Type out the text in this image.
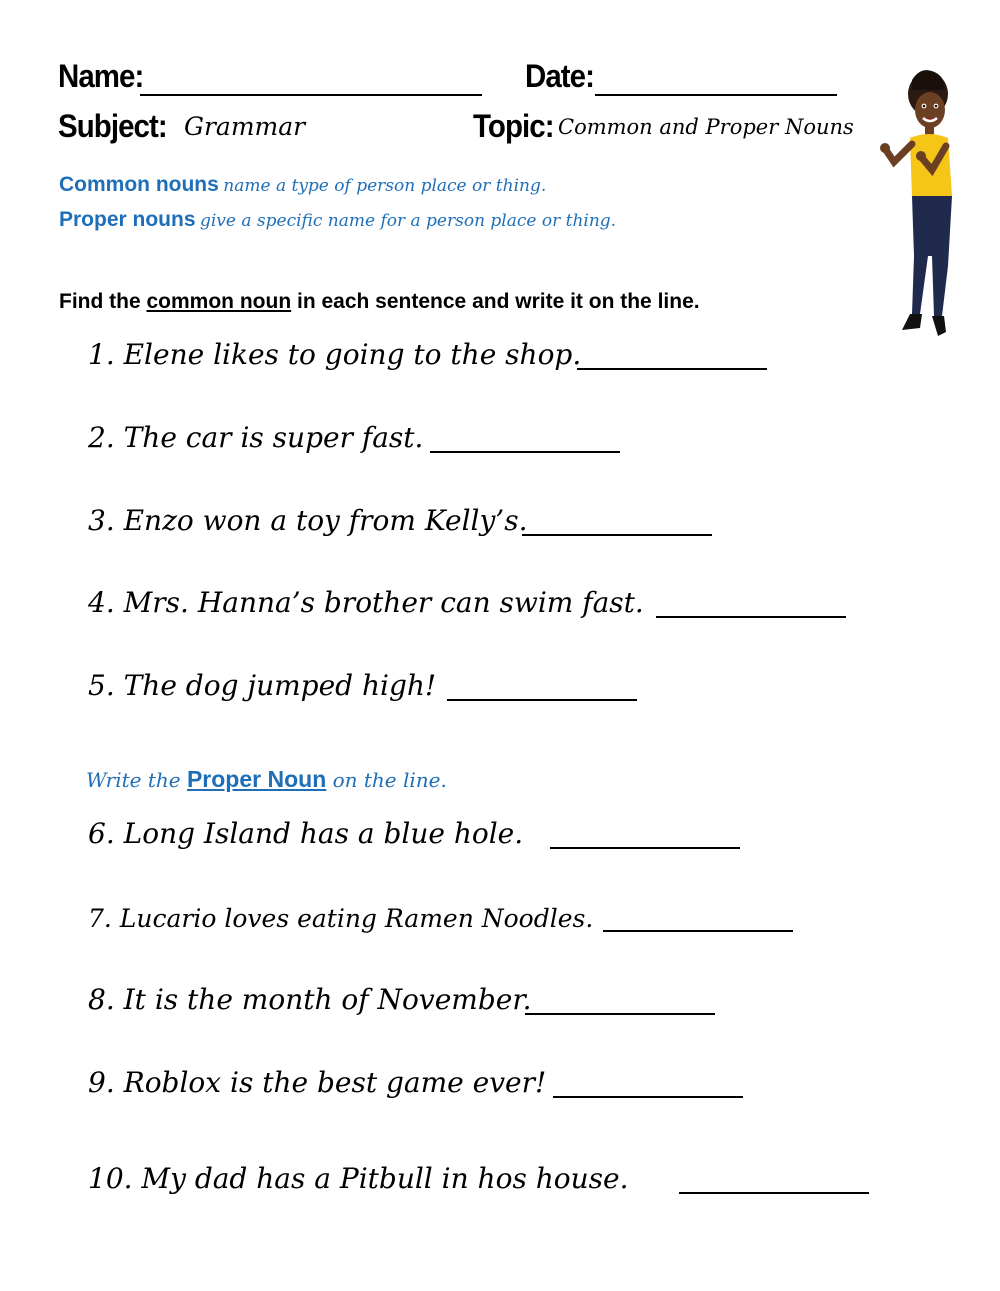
Name:	Date:
Subject: Grammar	Topic: Common and Proper Nouns
Common nouns name a type of person place or thing.
Proper nouns give a specific name for a person place or thing.
Find the common noun in each sentence and write it on the line.
1. Elene likes to going to the shop.
2. The car is super fast.
3. Enzo won a toy from Kelly’s.
4. Mrs. Hanna’s brother can swim fast.
5. The dog jumped high!
Write the Proper Noun on the line.
6. Long Island has a blue hole.
7. Lucario loves eating Ramen Noodles.
8. It is the month of November.
9. Roblox is the best game ever!
10. My dad has a Pitbull in hos house.
